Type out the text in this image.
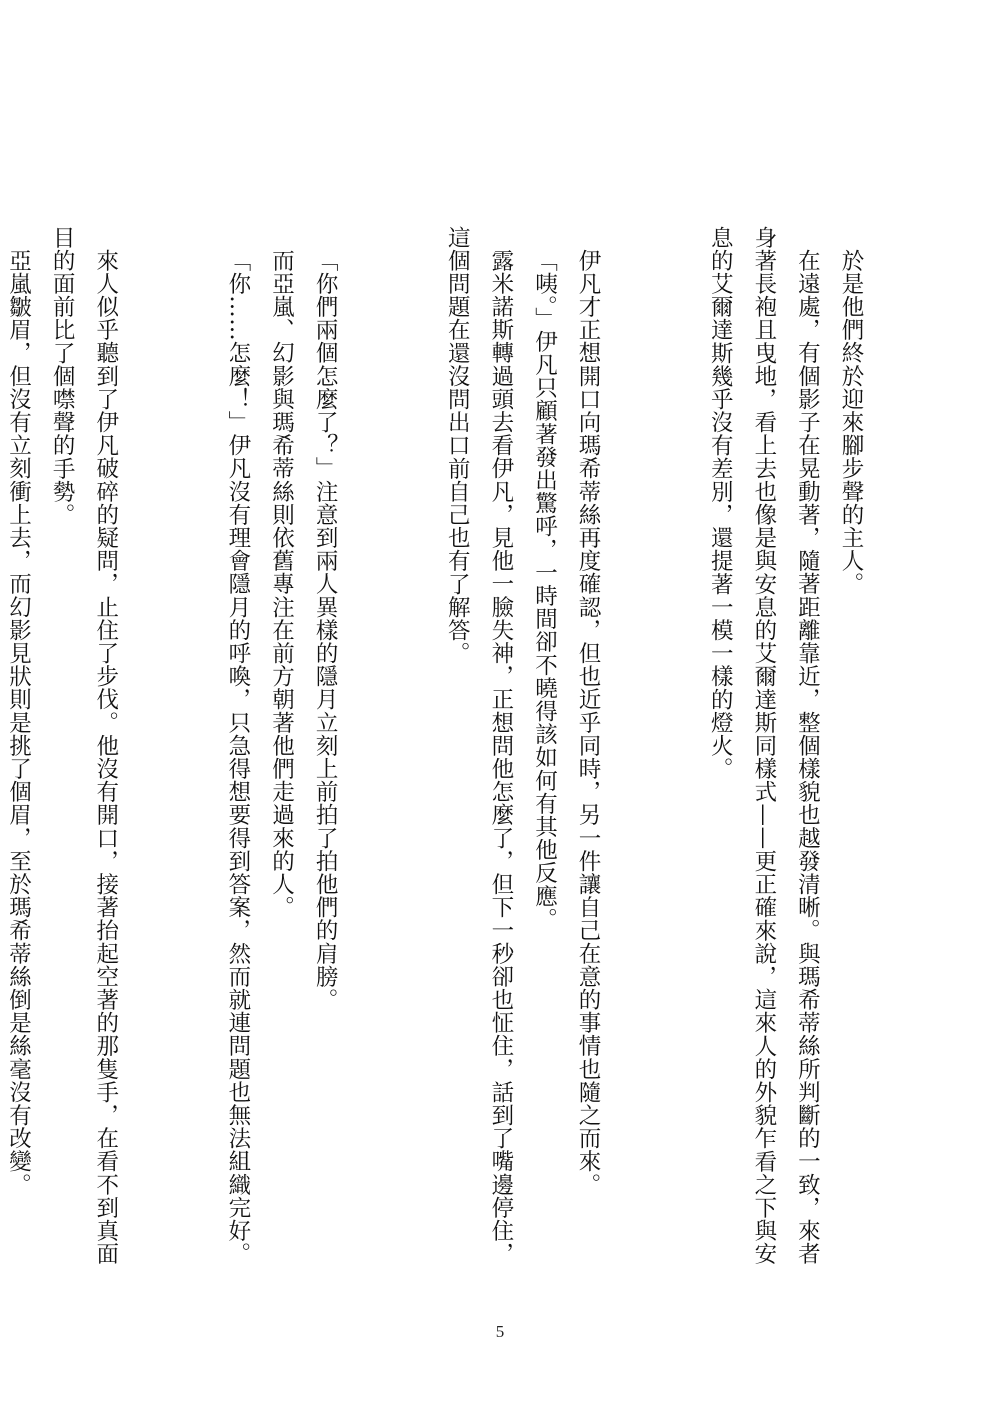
於是他們終於迎來腳步聲的主人。

在遠處，有個影子在晃動著，隨著距離靠近，整個樣貌也越發清晰。與瑪希蒂絲所判斷的一致，來者身著長袍且曳地，看上去也像是與安息的艾爾達斯同樣式——更正確來說，這來人的外貌乍看之下與安息的艾爾達斯幾乎沒有差別，還提著一模一樣的燈火。

伊凡才正想開口向瑪希蒂絲再度確認，但也近乎同時，另一件讓自己在意的事情也隨之而來。

「咦。」伊凡只顧著發出驚呼，一時間卻不曉得該如何有其他反應。

露米諾斯轉過頭去看伊凡，見他一臉失神，正想問他怎麼了，但下一秒卻也怔住，話到了嘴邊停住，這個問題在還沒問出口前自己也有了解答。

「你們兩個怎麼了？」注意到兩人異樣的隱月立刻上前拍了拍他們的肩膀。

而亞嵐、幻影與瑪希蒂絲則依舊專注在前方朝著他們走過來的人。

「你……怎麼！」伊凡沒有理會隱月的呼喚，只急得想要得到答案，然而就連問題也無法組織完好。

來人似乎聽到了伊凡破碎的疑問，止住了步伐。他沒有開口，接著抬起空著的那隻手，在看不到真面目的面前比了個噤聲的手勢。

亞嵐皺眉，但沒有立刻衝上去，而幻影見狀則是挑了個眉，至於瑪希蒂絲倒是絲毫沒有改變。

5
